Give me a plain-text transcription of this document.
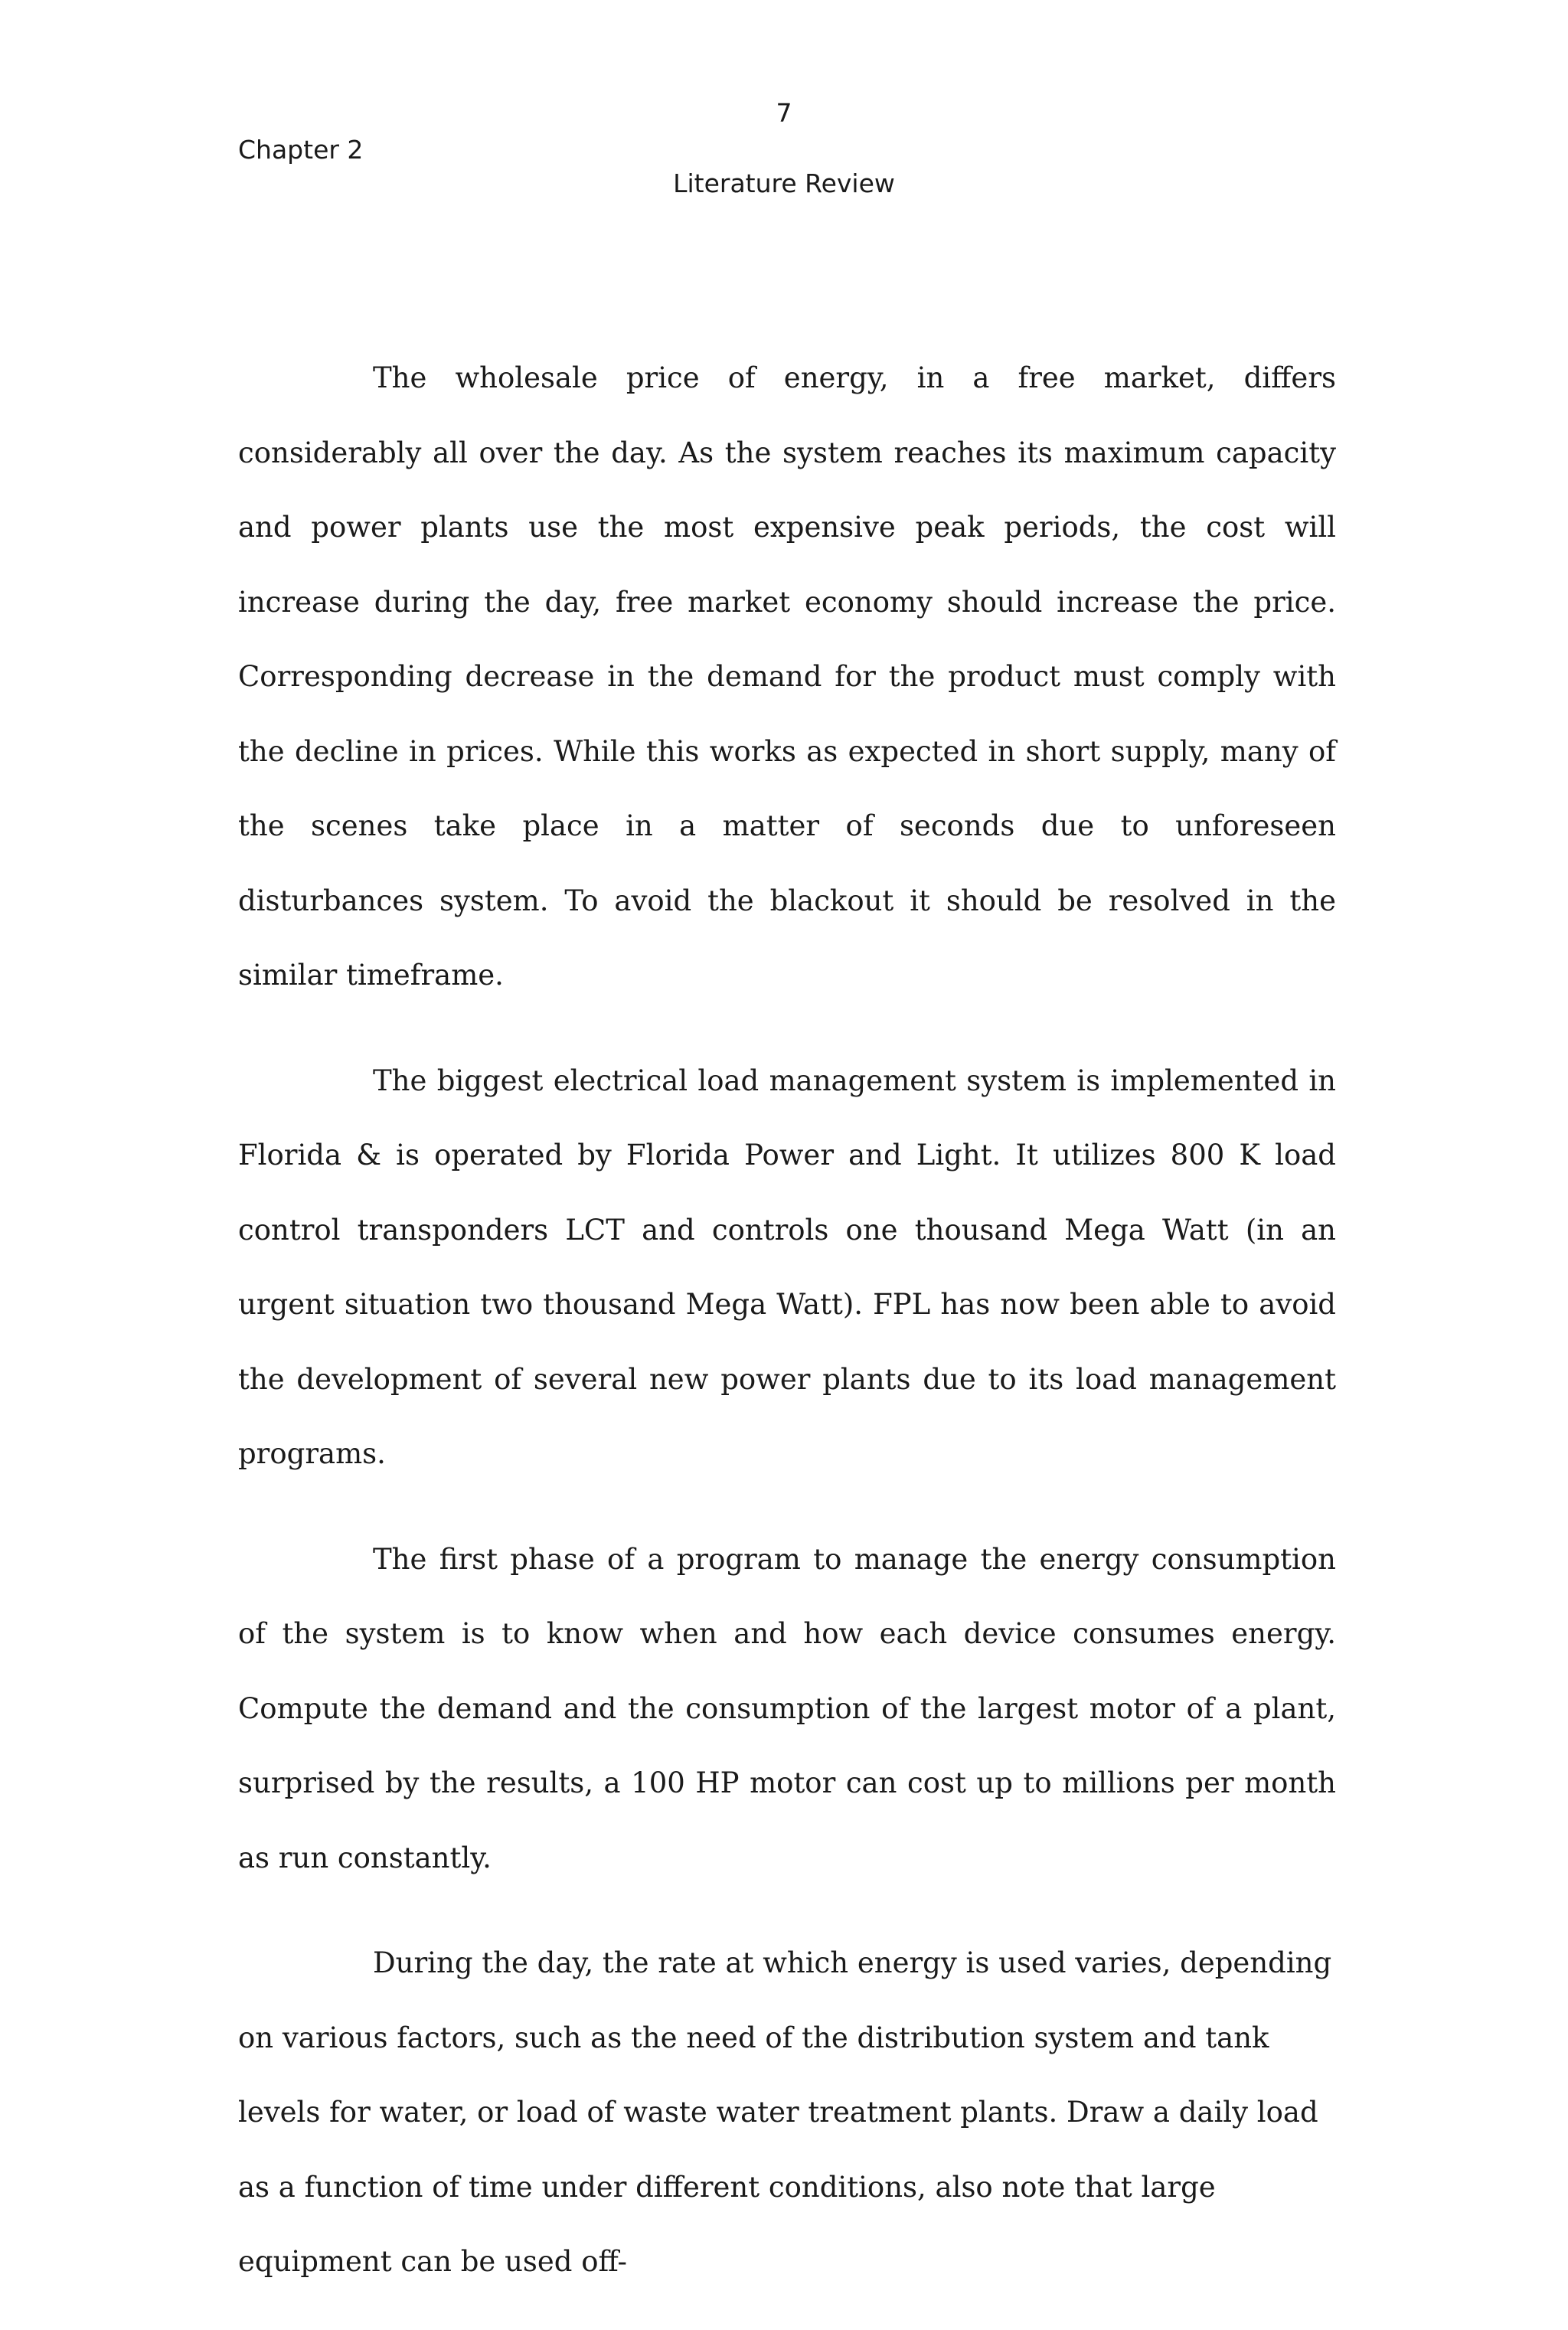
7
Chapter 2
Literature Review

The wholesale price of energy, in a free market, differs considerably all over the day. As the system reaches its maximum capacity and power plants use the most expensive peak periods, the cost will increase during the day, free market economy should increase the price. Corresponding decrease in the demand for the product must comply with the decline in prices. While this works as expected in short supply, many of the scenes take place in a matter of seconds due to unforeseen disturbances system. To avoid the blackout it should be resolved in the similar timeframe.

The biggest electrical load management system is implemented in Florida & is operated by Florida Power and Light. It utilizes 800 K load control transponders LCT and controls one thousand Mega Watt (in an urgent situation two thousand Mega Watt). FPL has now been able to avoid the development of several new power plants due to its load management programs.

The first phase of a program to manage the energy consumption of the system is to know when and how each device consumes energy. Compute the demand and the consumption of the largest motor of a plant, surprised by the results, a 100 HP motor can cost up to millions per month as run constantly.

During the day, the rate at which energy is used varies, depending on various factors, such as the need of the distribution system and tank levels for water, or load of waste water treatment plants. Draw a daily load as a function of time under different conditions, also note that large equipment can be used off-
